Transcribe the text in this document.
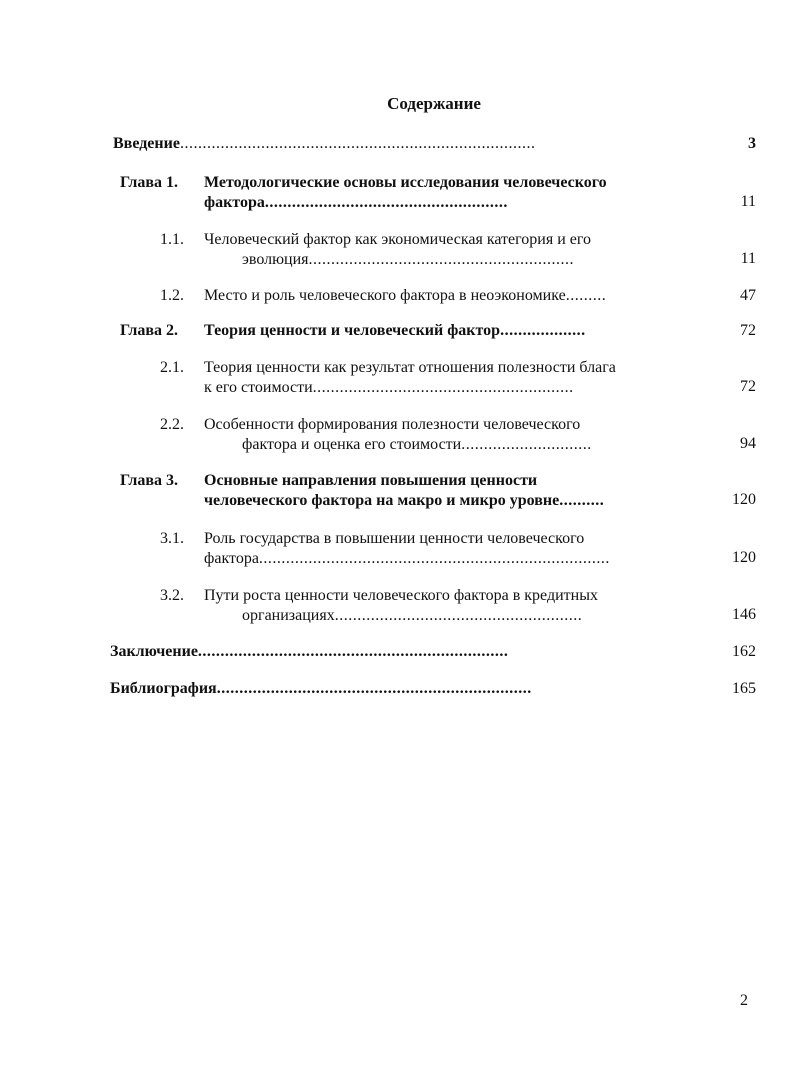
Содержание
Введение...............................................................................	3
Глава 1. Методологические основы исследования человеческого
фактора......................................................	11
1.1. Человеческий фактор как экономическая категория и его
эволюция...........................................................	11
1.2. Место и роль человеческого фактора в неоэкономике.........	47
Глава 2. Теория ценности и человеческий фактор...................	72
2.1. Теория ценности как результат отношения полезности блага
к его стоимости..........................................................	72
2.2. Особенности формирования полезности человеческого
фактора и оценка его стоимости.............................	94
Глава 3. Основные направления повышения ценности
человеческого фактора на макро и микро уровне..........	120
3.1. Роль государства в повышении ценности человеческого
фактора..............................................................................	120
3.2. Пути роста ценности человеческого фактора в кредитных
организациях.......................................................	146
Заключение.....................................................................	162
Библиография......................................................................	165
2
